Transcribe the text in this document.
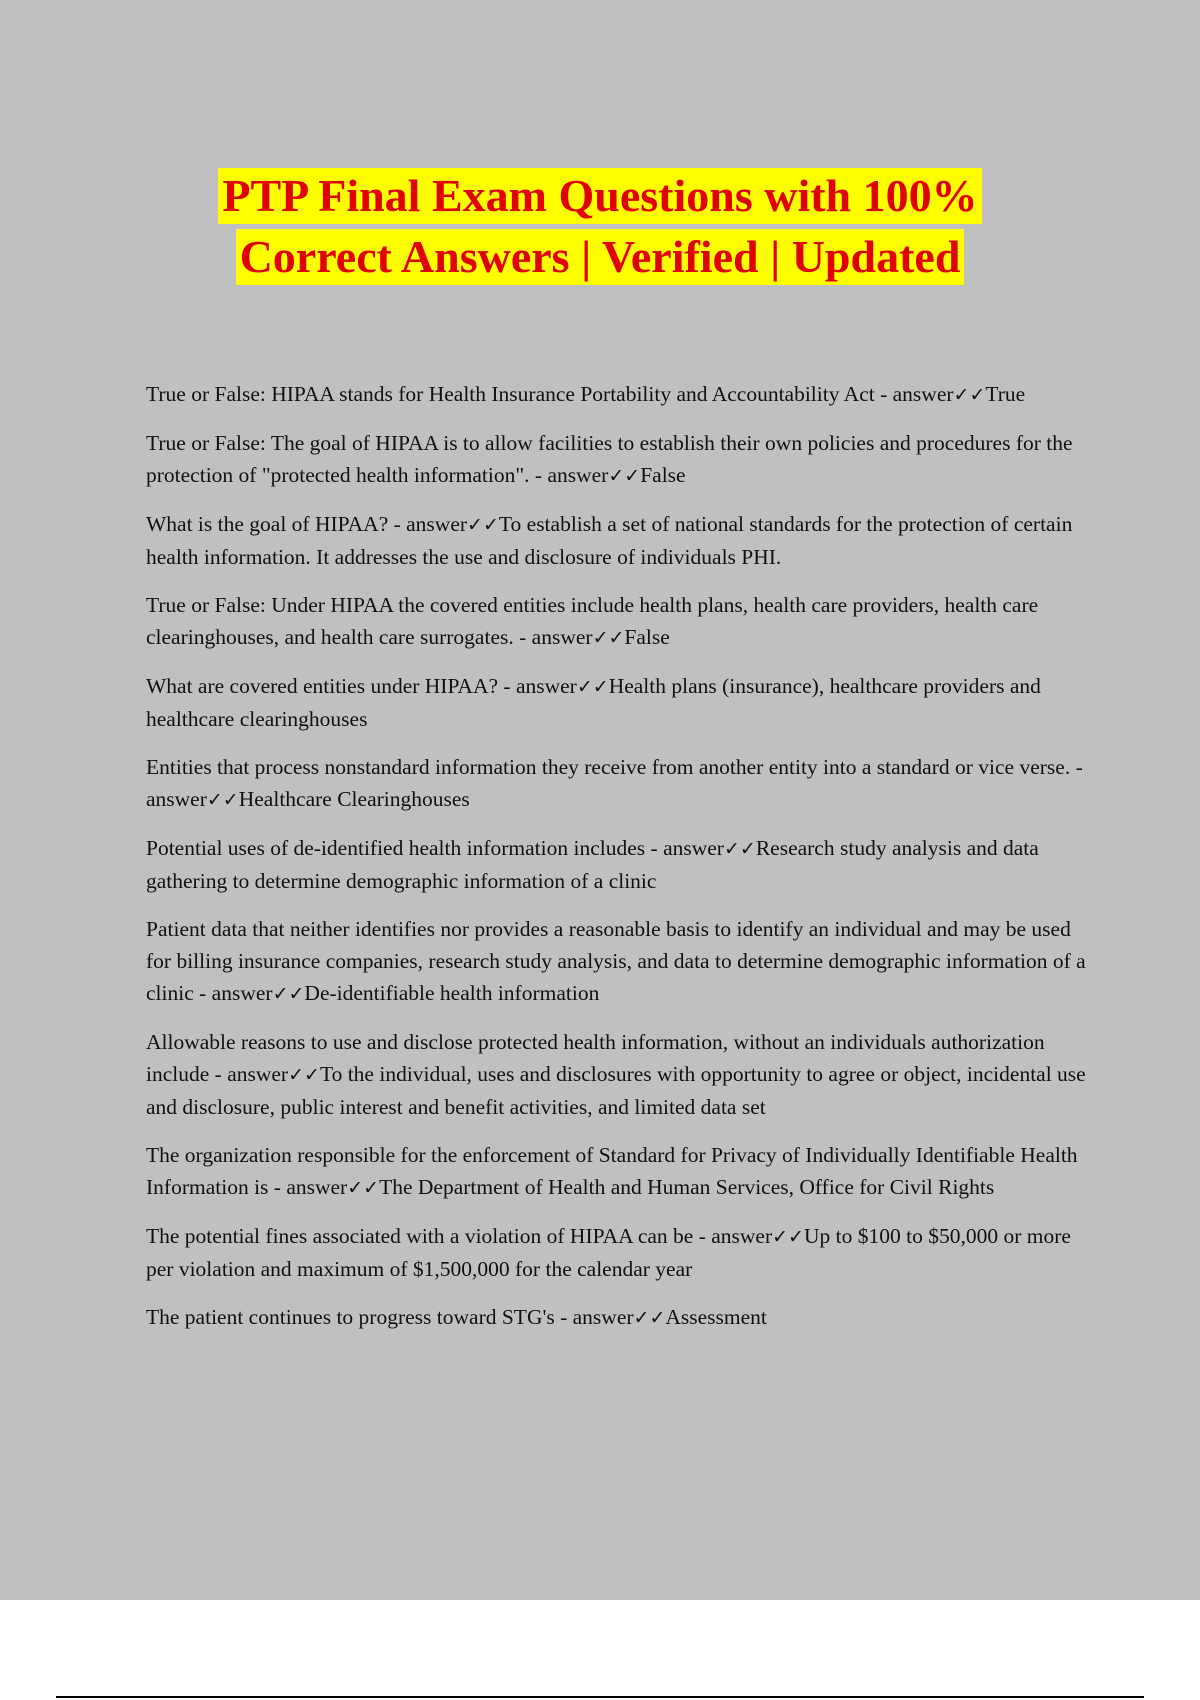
PTP Final Exam Questions with 100%
Correct Answers | Verified | Updated

True or False: HIPAA stands for Health Insurance Portability and Accountability Act - answer✓✓True

True or False: The goal of HIPAA is to allow facilities to establish their own policies and procedures for the protection of "protected health information". - answer✓✓False

What is the goal of HIPAA? - answer✓✓To establish a set of national standards for the protection of certain health information. It addresses the use and disclosure of individuals PHI.

True or False: Under HIPAA the covered entities include health plans, health care providers, health care clearinghouses, and health care surrogates. - answer✓✓False

What are covered entities under HIPAA? - answer✓✓Health plans (insurance), healthcare providers and healthcare clearinghouses

Entities that process nonstandard information they receive from another entity into a standard or vice verse. - answer✓✓Healthcare Clearinghouses

Potential uses of de-identified health information includes - answer✓✓Research study analysis and data gathering to determine demographic information of a clinic

Patient data that neither identifies nor provides a reasonable basis to identify an individual and may be used for billing insurance companies, research study analysis, and data to determine demographic information of a clinic - answer✓✓De-identifiable health information

Allowable reasons to use and disclose protected health information, without an individuals authorization include - answer✓✓To the individual, uses and disclosures with opportunity to agree or object, incidental use and disclosure, public interest and benefit activities, and limited data set

The organization responsible for the enforcement of Standard for Privacy of Individually Identifiable Health Information is - answer✓✓The Department of Health and Human Services, Office for Civil Rights

The potential fines associated with a violation of HIPAA can be - answer✓✓Up to $100 to $50,000 or more per violation and maximum of $1,500,000 for the calendar year

The patient continues to progress toward STG's - answer✓✓Assessment
